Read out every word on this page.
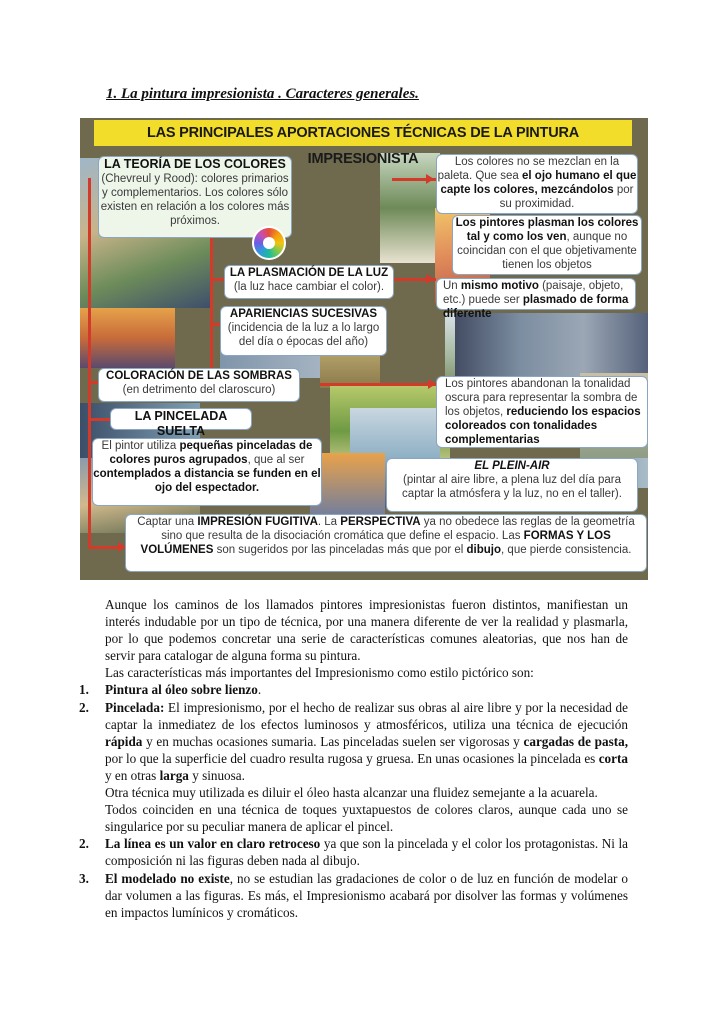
1. La pintura impresionista . Caracteres generales.
LAS PRINCIPALES APORTACIONES TÉCNICAS DE LA PINTURA IMPRESIONISTA
LA TEORÍA DE LOS COLORES
(Chevreul y Rood): colores primarios y complementarios. Los colores sólo existen en relación a los colores más próximos.
Los colores no se mezclan en la paleta. Que sea el ojo humano el que capte los colores, mezcándolos por su proximidad.
Los pintores plasman los colores tal y como los ven, aunque no coincidan con el que objetivamente tienen los objetos
LA PLASMACIÓN DE LA LUZ
(la luz hace cambiar el color).	Un mismo motivo (paisaje, objeto, etc.) puede ser plasmado de forma diferente
APARIENCIAS SUCESIVAS
(incidencia de la luz a lo largo del día o épocas del año)
COLORACIÓN DE LAS SOMBRAS
(en detrimento del claroscuro)
Los pintores abandonan la tonalidad oscura para representar la sombra de los objetos, reduciendo los espacios coloreados con tonalidades complementarias
LA PINCELADA SUELTA
El pintor utiliza pequeñas pinceladas de colores puros agrupados, que al ser contemplados a distancia se funden en el ojo del espectador.
EL PLEIN-AIR
(pintar al aire libre, a plena luz del día para captar la atmósfera y la luz, no en el taller).
Captar una IMPRESIÓN FUGITIVA. La PERSPECTIVA ya no obedece las reglas de la geometría sino que resulta de la disociación cromática que define el espacio. Las FORMAS Y LOS VOLÚMENES son sugeridos por las pinceladas más que por el dibujo, que pierde consistencia.

Aunque los caminos de los llamados pintores impresionistas fueron distintos, manifiestan un interés indudable por un tipo de técnica, por una manera diferente de ver la realidad y plasmarla, por lo que podemos concretar una serie de características comunes aleatorias, que nos han de servir para catalogar de alguna forma su pintura.

Las características más importantes del Impresionismo como estilo pictórico son:

1. Pintura al óleo sobre lienzo.

2. Pincelada: El impresionismo, por el hecho de realizar sus obras al aire libre y por la necesidad de captar la inmediatez de los efectos luminosos y atmosféricos, utiliza una técnica de ejecución rápida y en muchas ocasiones sumaria. Las pinceladas suelen ser vigorosas y cargadas de pasta, por lo que la superficie del cuadro resulta rugosa y gruesa. En unas ocasiones la pincelada es corta y en otras larga y sinuosa.

Otra técnica muy utilizada es diluir el óleo hasta alcanzar una fluidez semejante a la acuarela.

Todos coinciden en una técnica de toques yuxtapuestos de colores claros, aunque cada uno se singularice por su peculiar manera de aplicar el pincel.

2. La línea es un valor en claro retroceso ya que son la pincelada y el color los protagonistas. Ni la composición ni las figuras deben nada al dibujo.

3. El modelado no existe, no se estudian las gradaciones de color o de luz en función de modelar o dar volumen a las figuras. Es más, el Impresionismo acabará por disolver las formas y volúmenes en impactos lumínicos y cromáticos.
